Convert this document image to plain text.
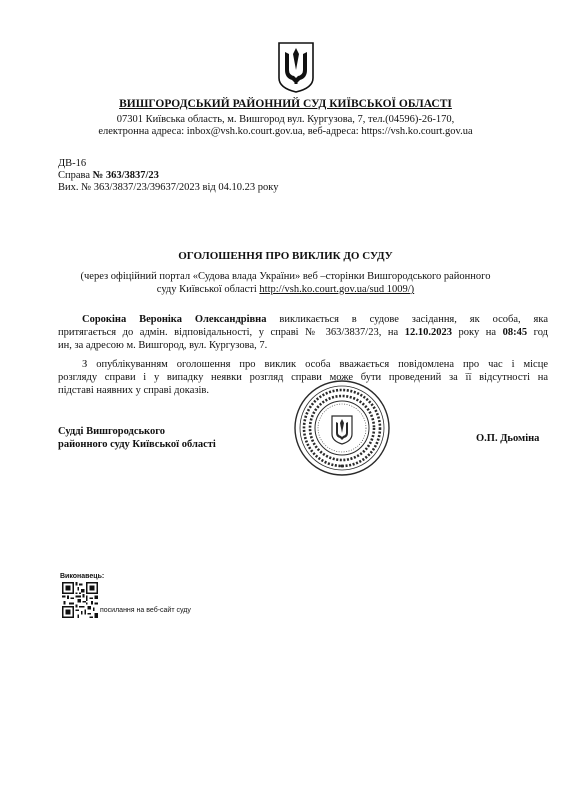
ВИШГОРОДСЬКИЙ РАЙОННИЙ СУД КИЇВСЬКОЇ ОБЛАСТІ
07301 Київська область, м. Вишгород вул. Кургузова, 7, тел.(04596)-26-170,
електронна адреса: inbox@vsh.ko.court.gov.ua, веб-адреса: https://vsh.ko.court.gov.ua
ДВ-16
Справа № 363/3837/23
Вих. № 363/3837/23/39637/2023 від 04.10.23 року
ОГОЛОШЕННЯ ПРО ВИКЛИК ДО СУДУ
(через офіційний портал «Судова влада України» веб –сторінки Вишгородського районного
суду Київської області http://vsh.ko.court.gov.ua/sud 1009/)
Сорокіна Вероніка Олександрівна викликається в судове засідання, як особа, яка
притягається до адмін. відповідальності, у справі № 363/3837/23, на 12.10.2023 року на 08:45 год
ин, за адресою м. Вишгород, вул. Кургузова, 7.
З опублікуванням оголошення про виклик особа вважається повідомлена про час і місце
розгляду справи і у випадку неявки розгляд справи може бути проведений за її відсутності на
підставі наявних у справі доказів.
Судді Вишгородського
районного суду Київської області
О.П. Дьоміна
Виконавець:
посилання на веб-сайт суду
